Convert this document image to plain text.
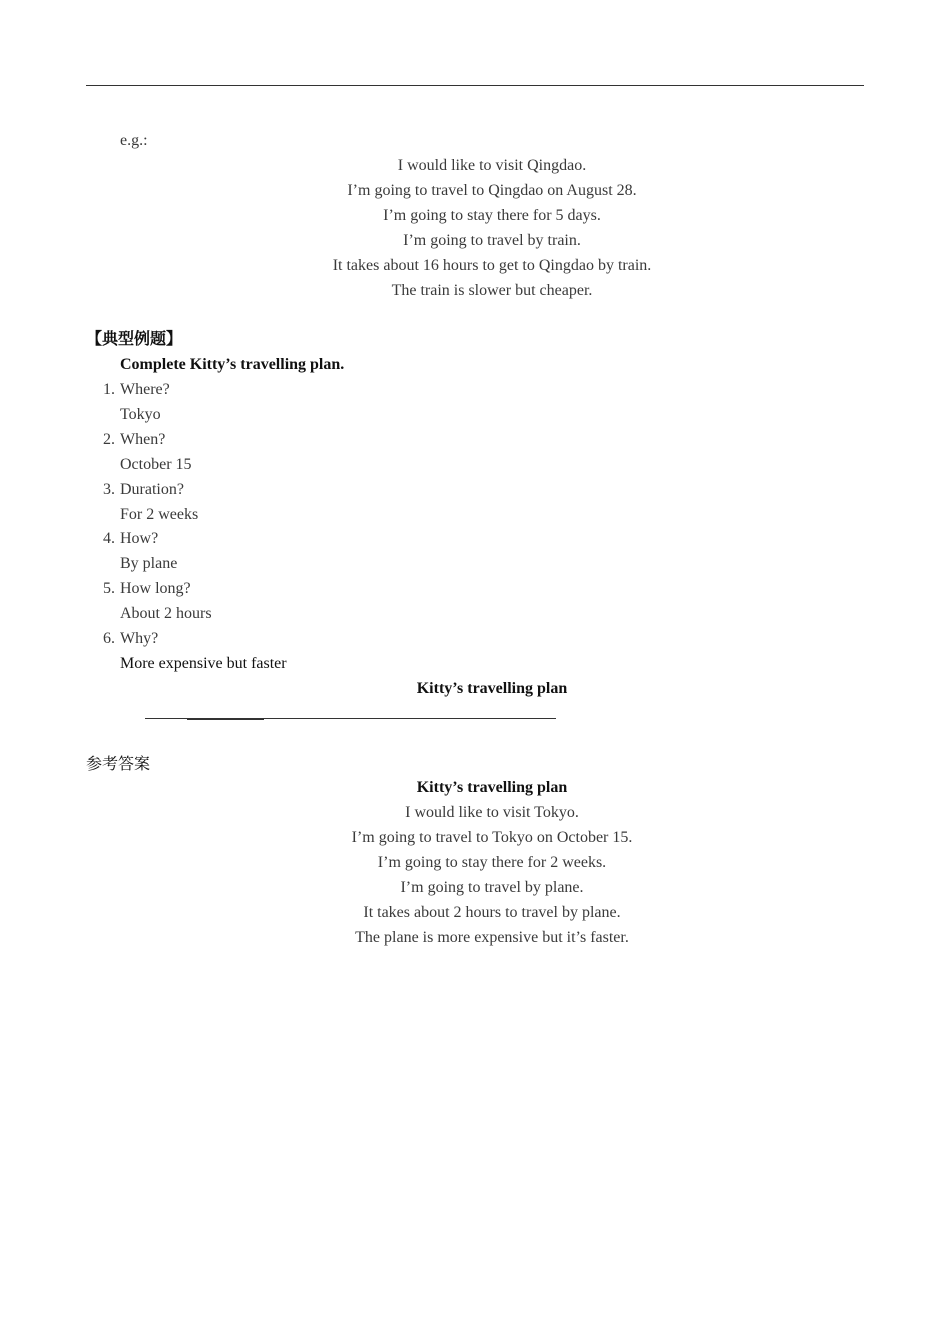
e.g.:
I would like to visit Qingdao.
I’m going to travel to Qingdao on August 28.
I’m going to stay there for 5 days.
I’m going to travel by train.
It takes about 16 hours to get to Qingdao by train.
The train is slower but cheaper.
【典型例题】
Complete Kitty’s travelling plan.
1. Where?
Tokyo
2. When?
October 15
3. Duration?
For 2 weeks
4. How?
By plane
5. How long?
About 2 hours
6. Why?
More expensive but faster
Kitty’s travelling plan
参考答案
Kitty’s travelling plan
I would like to visit Tokyo.
I’m going to travel to Tokyo on October 15.
I’m going to stay there for 2 weeks.
I’m going to travel by plane.
It takes about 2 hours to travel by plane.
The plane is more expensive but it’s faster.
